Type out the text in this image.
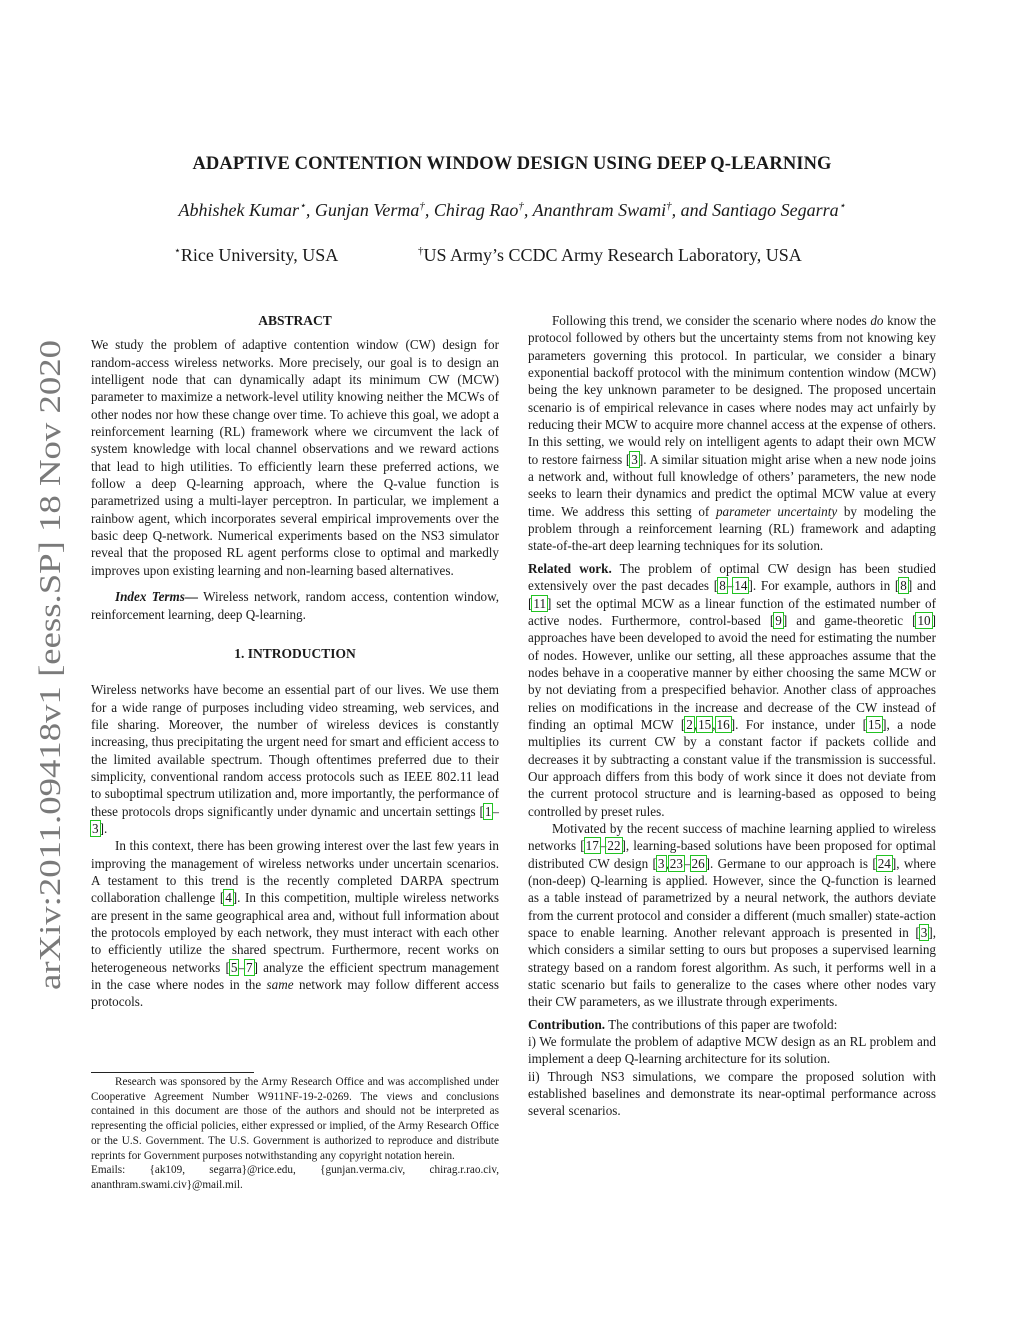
arXiv:2011.09418v1 [eess.SP] 18 Nov 2020
ADAPTIVE CONTENTION WINDOW DESIGN USING DEEP Q-LEARNING
Abhishek Kumar⋆, Gunjan Verma†, Chirag Rao†, Ananthram Swami†, and Santiago Segarra⋆
⋆Rice University, USA	†US Army’s CCDC Army Research Laboratory, USA

ABSTRACT

We study the problem of adaptive contention window (CW) design for random-access wireless networks. More precisely, our goal is to design an intelligent node that can dynamically adapt its minimum CW (MCW) parameter to maximize a network-level utility knowing neither the MCWs of other nodes nor how these change over time. To achieve this goal, we adopt a reinforcement learning (RL) framework where we circumvent the lack of system knowledge with local channel observations and we reward actions that lead to high utilities. To efficiently learn these preferred actions, we follow a deep Q-learning approach, where the Q-value function is parametrized using a multi-layer perceptron. In particular, we implement a rainbow agent, which incorporates several empirical improvements over the basic deep Q-network. Numerical experiments based on the NS3 simulator reveal that the proposed RL agent performs close to optimal and markedly improves upon existing learning and non-learning based alternatives.

Index Terms— Wireless network, random access, contention window, reinforcement learning, deep Q-learning.

1. INTRODUCTION

Wireless networks have become an essential part of our lives. We use them for a wide range of purposes including video streaming, web services, and file sharing. Moreover, the number of wireless devices is constantly increasing, thus precipitating the urgent need for smart and efficient access to the limited available spectrum. Though oftentimes preferred due to their simplicity, conventional random access protocols such as IEEE 802.11 lead to suboptimal spectrum utilization and, more importantly, the performance of these protocols drops significantly under dynamic and uncertain settings [1–3].

In this context, there has been growing interest over the last few years in improving the management of wireless networks under uncertain scenarios. A testament to this trend is the recently completed DARPA spectrum collaboration challenge [4]. In this competition, multiple wireless networks are present in the same geographical area and, without full information about the protocols employed by each network, they must interact with each other to efficiently utilize the shared spectrum. Furthermore, recent works on heterogeneous networks [5–7] analyze the efficient spectrum management in the case where nodes in the same network may follow different access protocols.

Research was sponsored by the Army Research Office and was accomplished under Cooperative Agreement Number W911NF-19-2-0269. The views and conclusions contained in this document are those of the authors and should not be interpreted as representing the official policies, either expressed or implied, of the Army Research Office or the U.S. Government. The U.S. Government is authorized to reproduce and distribute reprints for Government purposes notwithstanding any copyright notation herein.

Emails: {ak109, segarra}@rice.edu, {gunjan.verma.civ, chirag.r.rao.civ, ananthram.swami.civ}@mail.mil.

Following this trend, we consider the scenario where nodes do know the protocol followed by others but the uncertainty stems from not knowing key parameters governing this protocol. In particular, we consider a binary exponential backoff protocol with the minimum contention window (MCW) being the key unknown parameter to be designed. The proposed uncertain scenario is of empirical relevance in cases where nodes may act unfairly by reducing their MCW to acquire more channel access at the expense of others. In this setting, we would rely on intelligent agents to adapt their own MCW to restore fairness [3]. A similar situation might arise when a new node joins a network and, without full knowledge of others’ parameters, the new node seeks to learn their dynamics and predict the optimal MCW value at every time. We address this setting of parameter uncertainty by modeling the problem through a reinforcement learning (RL) framework and adapting state-of-the-art deep learning techniques for its solution.

Related work. The problem of optimal CW design has been studied extensively over the past decades [8–14]. For example, authors in [8] and [11] set the optimal MCW as a linear function of the estimated number of active nodes. Furthermore, control-based [9] and game-theoretic [10] approaches have been developed to avoid the need for estimating the number of nodes. However, unlike our setting, all these approaches assume that the nodes behave in a cooperative manner by either choosing the same MCW or by not deviating from a prespecified behavior. Another class of approaches relies on modifications in the increase and decrease of the CW instead of finding an optimal MCW [2,15,16]. For instance, under [15], a node multiplies its current CW by a constant factor if packets collide and decreases it by subtracting a constant value if the transmission is successful. Our approach differs from this body of work since it does not deviate from the current protocol structure and is learning-based as opposed to being controlled by preset rules.

Motivated by the recent success of machine learning applied to wireless networks [17–22], learning-based solutions have been proposed for optimal distributed CW design [3,23–26]. Germane to our approach is [24], where (non-deep) Q-learning is applied. However, since the Q-function is learned as a table instead of parametrized by a neural network, the authors deviate from the current protocol and consider a different (much smaller) state-action space to enable learning. Another relevant approach is presented in [3], which considers a similar setting to ours but proposes a supervised learning strategy based on a random forest algorithm. As such, it performs well in a static scenario but fails to generalize to the cases where other nodes vary their CW parameters, as we illustrate through experiments.

Contribution. The contributions of this paper are twofold:

i) We formulate the problem of adaptive MCW design as an RL problem and implement a deep Q-learning architecture for its solution.

ii) Through NS3 simulations, we compare the proposed solution with established baselines and demonstrate its near-optimal performance across several scenarios.
